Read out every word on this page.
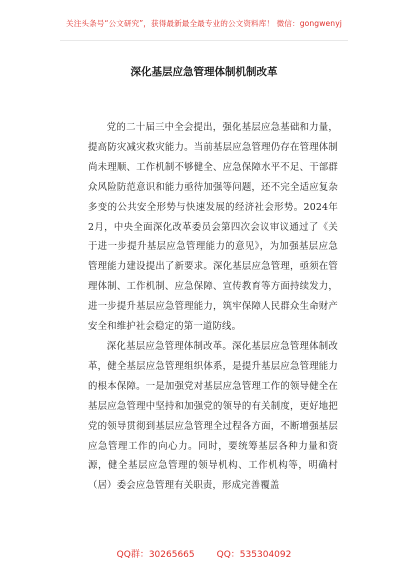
关注头条号“公文研究”，获得最新最全最专业的公文资料库！ 微信：gongwenyj
深化基层应急管理体制机制改革

党的二十届三中全会提出，强化基层应急基础和力量，提高防灾减灾救灾能力。当前基层应急管理仍存在管理体制尚未理顺、工作机制不够健全、应急保障水平不足、干部群众风险防范意识和能力亟待加强等问题，还不完全适应复杂多变的公共安全形势与快速发展的经济社会形势。2024年2月，中央全面深化改革委员会第四次会议审议通过了《关于进一步提升基层应急管理能力的意见》，为加强基层应急管理能力建设提出了新要求。深化基层应急管理，亟须在管理体制、工作机制、应急保障、宣传教育等方面持续发力，进一步提升基层应急管理能力，筑牢保障人民群众生命财产安全和维护社会稳定的第一道防线。

深化基层应急管理体制改革。深化基层应急管理体制改革，健全基层应急管理组织体系，是提升基层应急管理能力的根本保障。一是加强党对基层应急管理工作的领导健全在基层应急管理中坚持和加强党的领导的有关制度，更好地把党的领导贯彻到基层应急管理全过程各方面，不断增强基层应急管理工作的向心力。同时，要统筹基层各种力量和资源，健全基层应急管理的领导机构、工作机构等，明确村（居）委会应急管理有关职责，形成完善覆盖

QQ群：30265665 QQ：535304092
